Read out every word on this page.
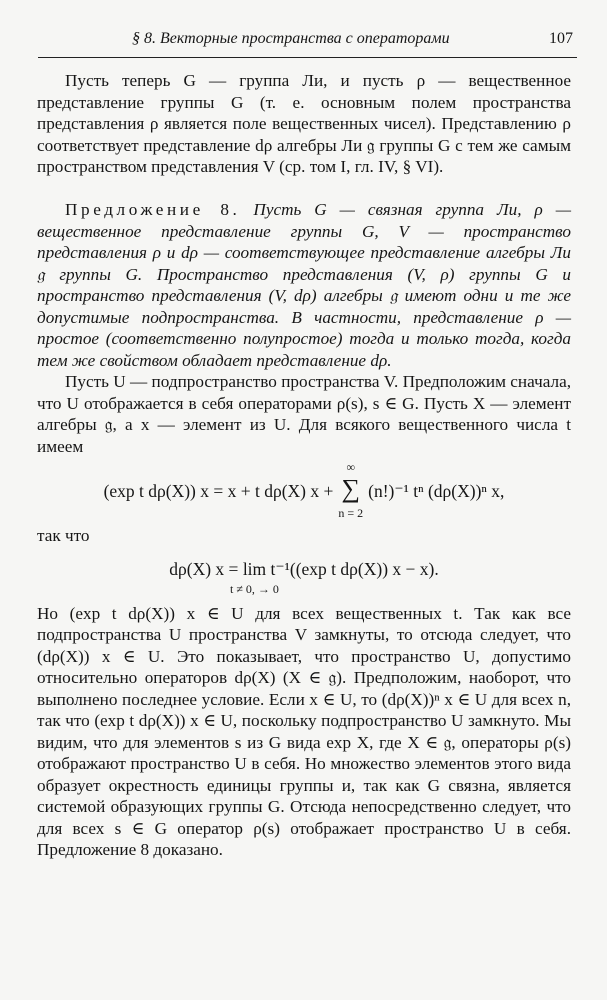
§ 8. Векторные пространства с операторами	107

Пусть теперь G — группа Ли, и пусть ρ — вещественное представление группы G (т. е. основным полем пространства представления ρ является поле вещественных чисел). Представлению ρ соответствует представление dρ алгебры Ли 𝔤 группы G с тем же самым пространством представления V (ср. том I, гл. IV, § VI).

Предложение 8. Пусть G — связная группа Ли, ρ — вещественное представление группы G, V — пространство представления ρ и dρ — соответствующее представление алгебры Ли 𝔤 группы G. Пространство представления (V, ρ) группы G и пространство представления (V, dρ) алгебры 𝔤 имеют одни и те же допустимые подпространства. В частности, представление ρ — простое (соответственно полупростое) тогда и только тогда, когда тем же свойством обладает представление dρ.

Пусть U — подпространство пространства V. Предположим сначала, что U отображается в себя операторами ρ(s), s ∈ G. Пусть X — элемент алгебры 𝔤, а x — элемент из U. Для всякого вещественного числа t имеем

(exp t dρ(X)) x = x + t dρ(X) x +
∞
∑
n = 2
(n!)⁻¹ tⁿ (dρ(X))ⁿ x,

так что

dρ(X) x = lim
t ≠ 0, → 0
t⁻¹((exp t dρ(X)) x − x).

Но (exp t dρ(X)) x ∈ U для всех вещественных t. Так как все подпространства U пространства V замкнуты, то отсюда следует, что (dρ(X)) x ∈ U. Это показывает, что пространство U, допустимо относительно операторов dρ(X) (X ∈ 𝔤). Предположим, наоборот, что выполнено последнее условие. Если x ∈ U, то (dρ(X))ⁿ x ∈ U для всех n, так что (exp t dρ(X)) x ∈ U, поскольку подпространство U замкнуто. Мы видим, что для элементов s из G вида exp X, где X ∈ 𝔤, операторы ρ(s) отображают пространство U в себя. Но множество элементов этого вида образует окрестность единицы группы и, так как G связна, является системой образующих группы G. Отсюда непосредственно следует, что для всех s ∈ G оператор ρ(s) отображает пространство U в себя. Предложение 8 доказано.
